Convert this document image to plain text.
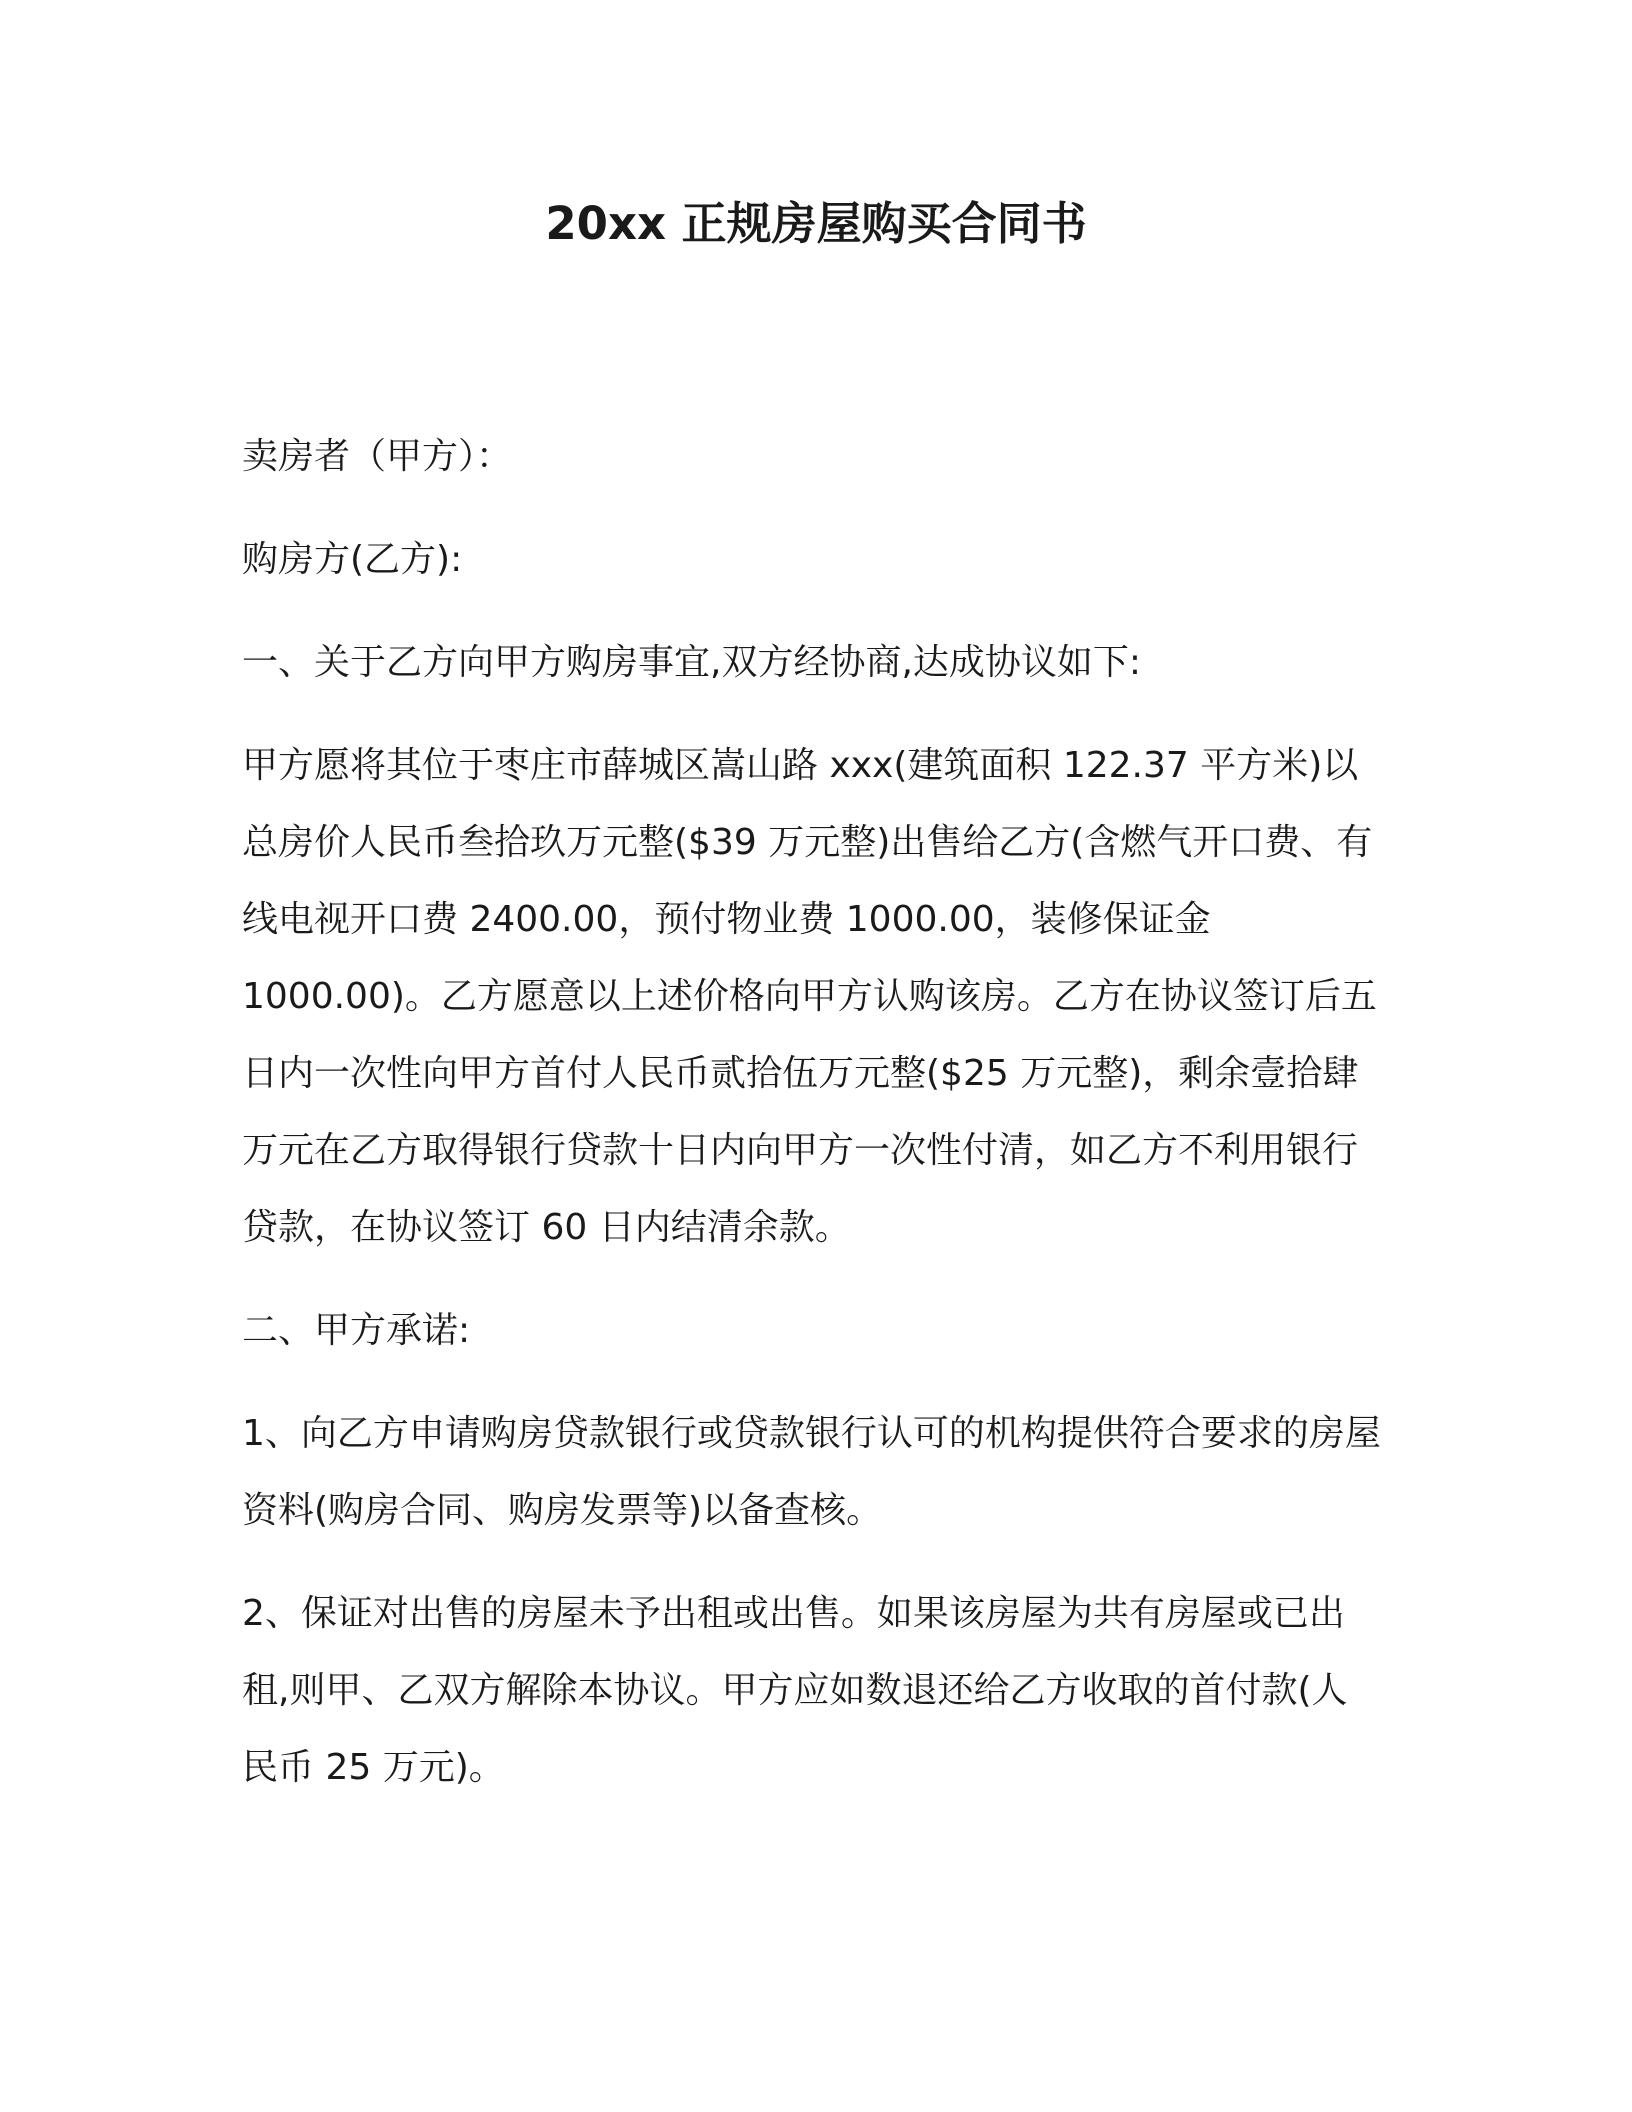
20xx 正规房屋购买合同书

卖房者（甲方）：

购房方(乙方):

一、关于乙方向甲方购房事宜,双方经协商,达成协议如下:

甲方愿将其位于枣庄市薛城区嵩山路 xxx(建筑面积 122.37 平方米)以总房价人民币叁拾玖万元整($39 万元整)出售给乙方(含燃气开口费、有线电视开口费 2400.00，预付物业费 1000.00，装修保证金 1000.00)。乙方愿意以上述价格向甲方认购该房。乙方在协议签订后五日内一次性向甲方首付人民币贰拾伍万元整($25 万元整)，剩余壹拾肆万元在乙方取得银行贷款十日内向甲方一次性付清，如乙方不利用银行贷款，在协议签订 60 日内结清余款。

二、甲方承诺:

1、向乙方申请购房贷款银行或贷款银行认可的机构提供符合要求的房屋资料(购房合同、购房发票等)以备查核。

2、保证对出售的房屋未予出租或出售。如果该房屋为共有房屋或已出租,则甲、乙双方解除本协议。甲方应如数退还给乙方收取的首付款(人民币 25 万元)。
